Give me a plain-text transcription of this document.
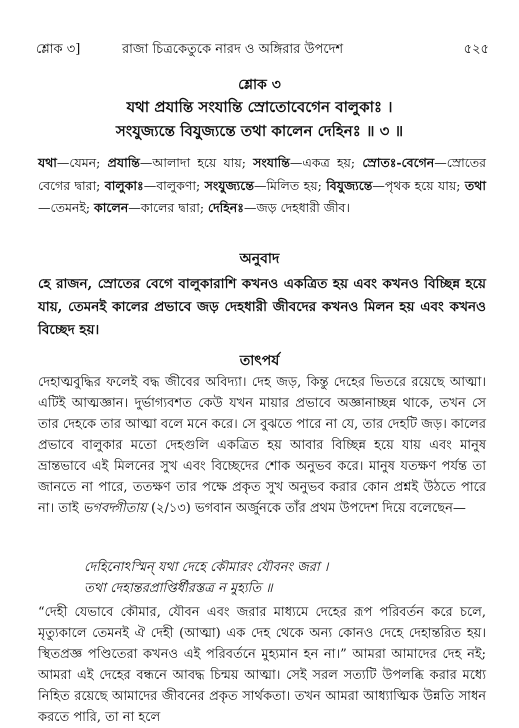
শ্লোক ৩]	রাজা চিত্রকেতুকে নারদ ও অঙ্গিরার উপদেশ	৫২৫
শ্লোক ৩
যথা প্রযান্তি সংযান্তি স্রোতোবেগেন বালুকাঃ ।
সংযুজ্যন্তে বিযুজ্যন্তে তথা কালেন দেহিনঃ ॥ ৩ ॥
যথা—যেমন; প্রযান্তি—আলাদা হয়ে যায়; সংযান্তি—একত্র হয়; স্রোতঃ-বেগেন—স্রোতের বেগের দ্বারা; বালুকাঃ—বালুকণা; সংযুজ্যন্তে—মিলিত হয়; বিযুজ্যন্তে—পৃথক হয়ে যায়; তথা—তেমনই; কালেন—কালের দ্বারা; দেহিনঃ—জড় দেহধারী জীব।
অনুবাদ

হে রাজন, স্রোতের বেগে বালুকারাশি কখনও একত্রিত হয় এবং কখনও বিচ্ছিন্ন হয়ে যায়, তেমনই কালের প্রভাবে জড় দেহধারী জীবদের কখনও মিলন হয় এবং কখনও বিচ্ছেদ হয়।

তাৎপর্য

দেহাত্মবুদ্ধির ফলেই বদ্ধ জীবের অবিদ্যা। দেহ জড়, কিন্তু দেহের ভিতরে রয়েছে আত্মা। এটিই আত্মজ্ঞান। দুর্ভাগ্যবশত কেউ যখন মায়ার প্রভাবে অজ্ঞানাচ্ছন্ন থাকে, তখন সে তার দেহকে তার আত্মা বলে মনে করে। সে বুঝতে পারে না যে, তার দেহটি জড়। কালের প্রভাবে বালুকার মতো দেহগুলি একত্রিত হয় আবার বিচ্ছিন্ন হয়ে যায় এবং মানুষ ভ্রান্তভাবে এই মিলনের সুখ এবং বিচ্ছেদের শোক অনুভব করে। মানুষ যতক্ষণ পর্যন্ত তা জানতে না পারে, ততক্ষণ তার পক্ষে প্রকৃত সুখ অনুভব করার কোন প্রশ্নই উঠতে পারে না। তাই ভগবদ্গীতায় (২/১৩) ভগবান অর্জুনকে তাঁর প্রথম উপদেশ দিয়ে বলেছেন—

দেহিনোঽস্মিন্ যথা দেহে কৌমারং যৌবনং জরা ।
তথা দেহান্তরপ্রাপ্তির্ধীরস্তত্র ন মুহ্যতি ॥

“দেহী যেভাবে কৌমার, যৌবন এবং জরার মাধ্যমে দেহের রূপ পরিবর্তন করে চলে, মৃত্যুকালে তেমনই ঐ দেহী (আত্মা) এক দেহ থেকে অন্য কোনও দেহে দেহান্তরিত হয়। স্থিতপ্রজ্ঞ পণ্ডিতেরা কখনও এই পরিবর্তনে মুহ্যমান হন না।” আমরা আমাদের দেহ নই; আমরা এই দেহের বন্ধনে আবদ্ধ চিন্ময় আত্মা। সেই সরল সত্যটি উপলব্ধি করার মধ্যে নিহিত রয়েছে আমাদের জীবনের প্রকৃত সার্থকতা। তখন আমরা আধ্যাত্মিক উন্নতি সাধন করতে পারি, তা না হলে
